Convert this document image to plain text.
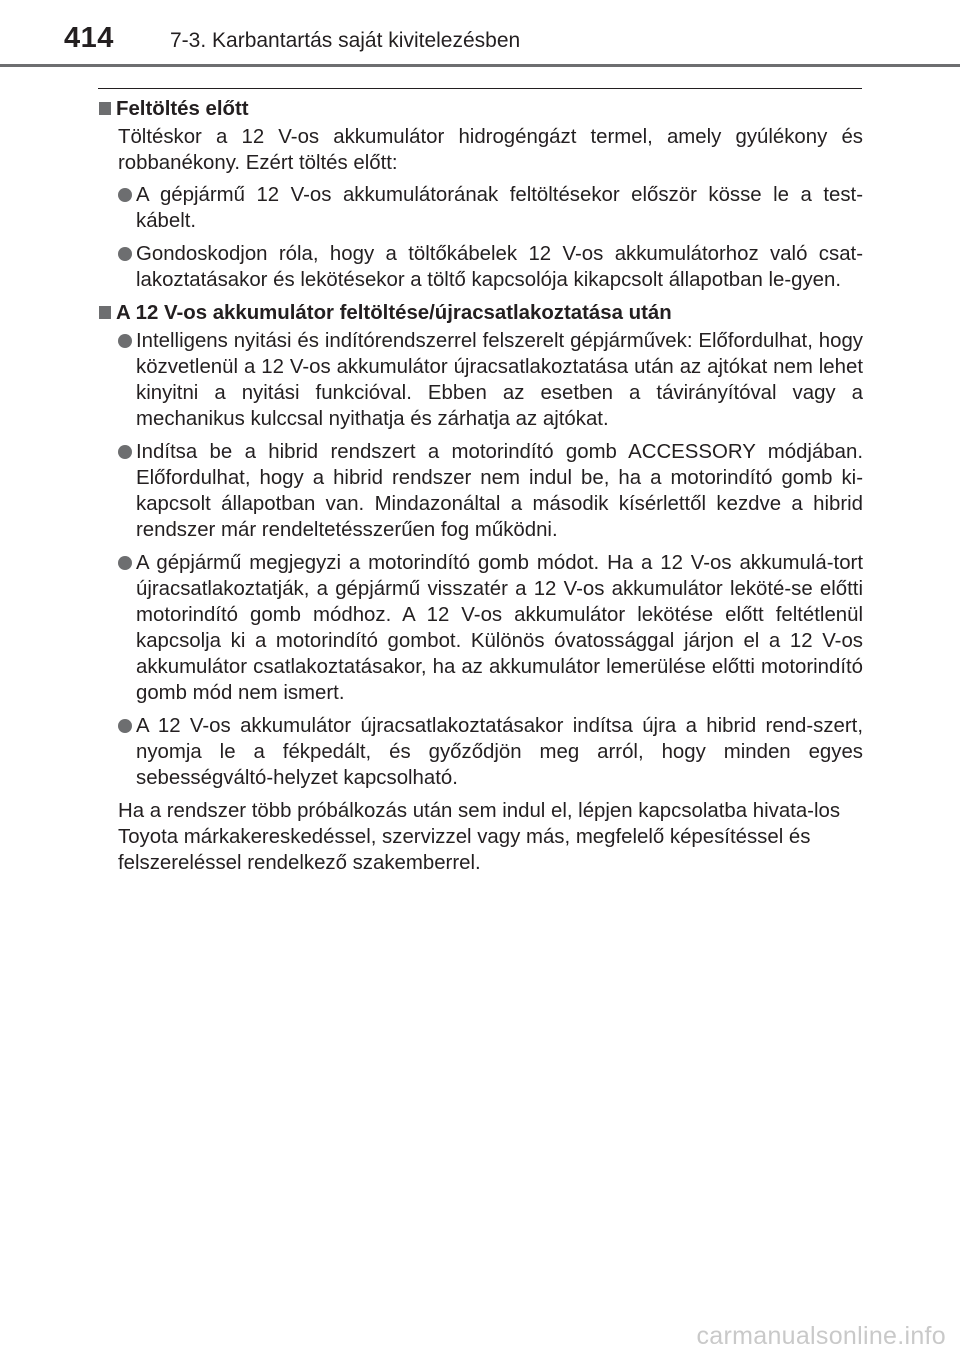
414	7-3. Karbantartás saját kivitelezésben
Feltöltés előtt

Töltéskor a 12 V-os akkumulátor hidrogéngázt termel, amely gyúlékony és robbanékony. Ezért töltés előtt:

A gépjármű 12 V-os akkumulátorának feltöltésekor először kösse le a test-kábelt.
Gondoskodjon róla, hogy a töltőkábelek 12 V-os akkumulátorhoz való csat-lakoztatásakor és lekötésekor a töltő kapcsolója kikapcsolt állapotban le-gyen.
A 12 V-os akkumulátor feltöltése/újracsatlakoztatása után
Intelligens nyitási és indítórendszerrel felszerelt gépjárművek: Előfordulhat, hogy közvetlenül a 12 V-os akkumulátor újracsatlakoztatása után az ajtókat nem lehet kinyitni a nyitási funkcióval. Ebben az esetben a távirányítóval vagy a mechanikus kulccsal nyithatja és zárhatja az ajtókat.
Indítsa be a hibrid rendszert a motorindító gomb ACCESSORY módjában. Előfordulhat, hogy a hibrid rendszer nem indul be, ha a motorindító gomb ki-kapcsolt állapotban van. Mindazonáltal a második kísérlettől kezdve a hibrid rendszer már rendeltetésszerűen fog működni.
A gépjármű megjegyzi a motorindító gomb módot. Ha a 12 V-os akkumulá-tort újracsatlakoztatják, a gépjármű visszatér a 12 V-os akkumulátor leköté-se előtti motorindító gomb módhoz. A 12 V-os akkumulátor lekötése előtt feltétlenül kapcsolja ki a motorindító gombot. Különös óvatossággal járjon el a 12 V-os akkumulátor csatlakoztatásakor, ha az akkumulátor lemerülése előtti motorindító gomb mód nem ismert.
A 12 V-os akkumulátor újracsatlakoztatásakor indítsa újra a hibrid rend-szert, nyomja le a fékpedált, és győződjön meg arról, hogy minden egyes sebességváltó-helyzet kapcsolható.

Ha a rendszer több próbálkozás után sem indul el, lépjen kapcsolatba hivata-los Toyota márkakereskedéssel, szervizzel vagy más, megfelelő képesítéssel és felszereléssel rendelkező szakemberrel.

carmanualsonline.info
